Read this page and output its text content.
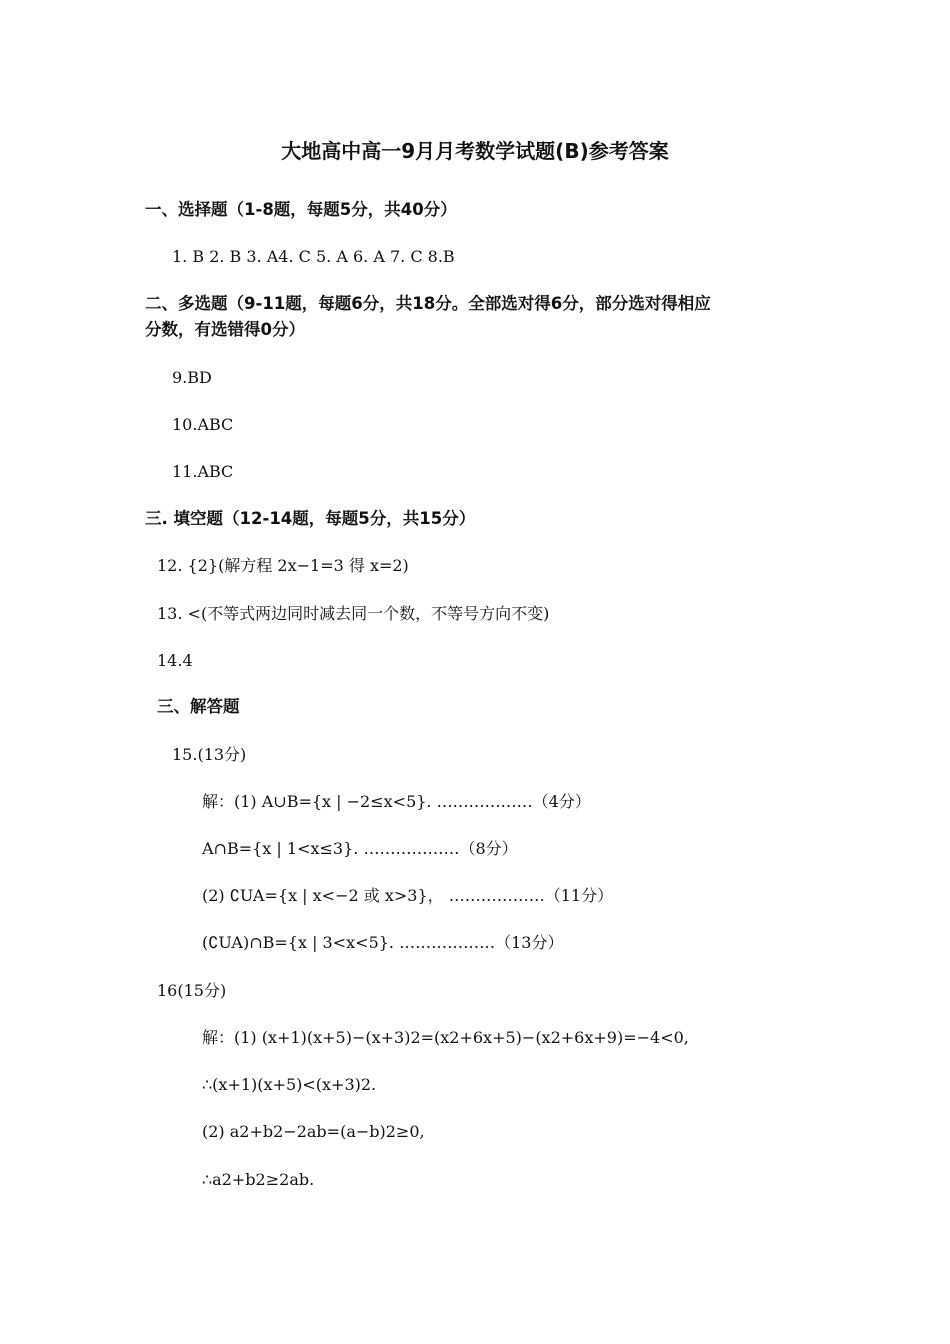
大地高中高一9月月考数学试题(B)参考答案
一、选择题（1-8题，每题5分，共40分）
1. B 2. B 3. A4. C 5. A 6. A 7. C 8.B
二、多选题（9-11题，每题6分，共18分。全部选对得6分，部分选对得相应
分数，有选错得0分）
9.BD
10.ABC
11.ABC
三. 填空题（12-14题，每题5分，共15分）
12. {2}(解方程 2x−1=3 得 x=2)
13. <(不等式两边同时减去同一个数，不等号方向不变)
14.4
三、解答题
15.(13分)
解：(1) A∪B={x | −2≤x<5}. ………………（4分）
A∩B={x | 1<x≤3}. ………………（8分）
(2) ∁UA={x | x<−2 或 x>3}， ………………（11分）
(∁UA)∩B={x | 3<x<5}. ………………（13分）
16(15分)
解：(1) (x+1)(x+5)−(x+3)2=(x2+6x+5)−(x2+6x+9)=−4<0,
∴(x+1)(x+5)<(x+3)2.
(2) a2+b2−2ab=(a−b)2≥0,
∴a2+b2≥2ab.
